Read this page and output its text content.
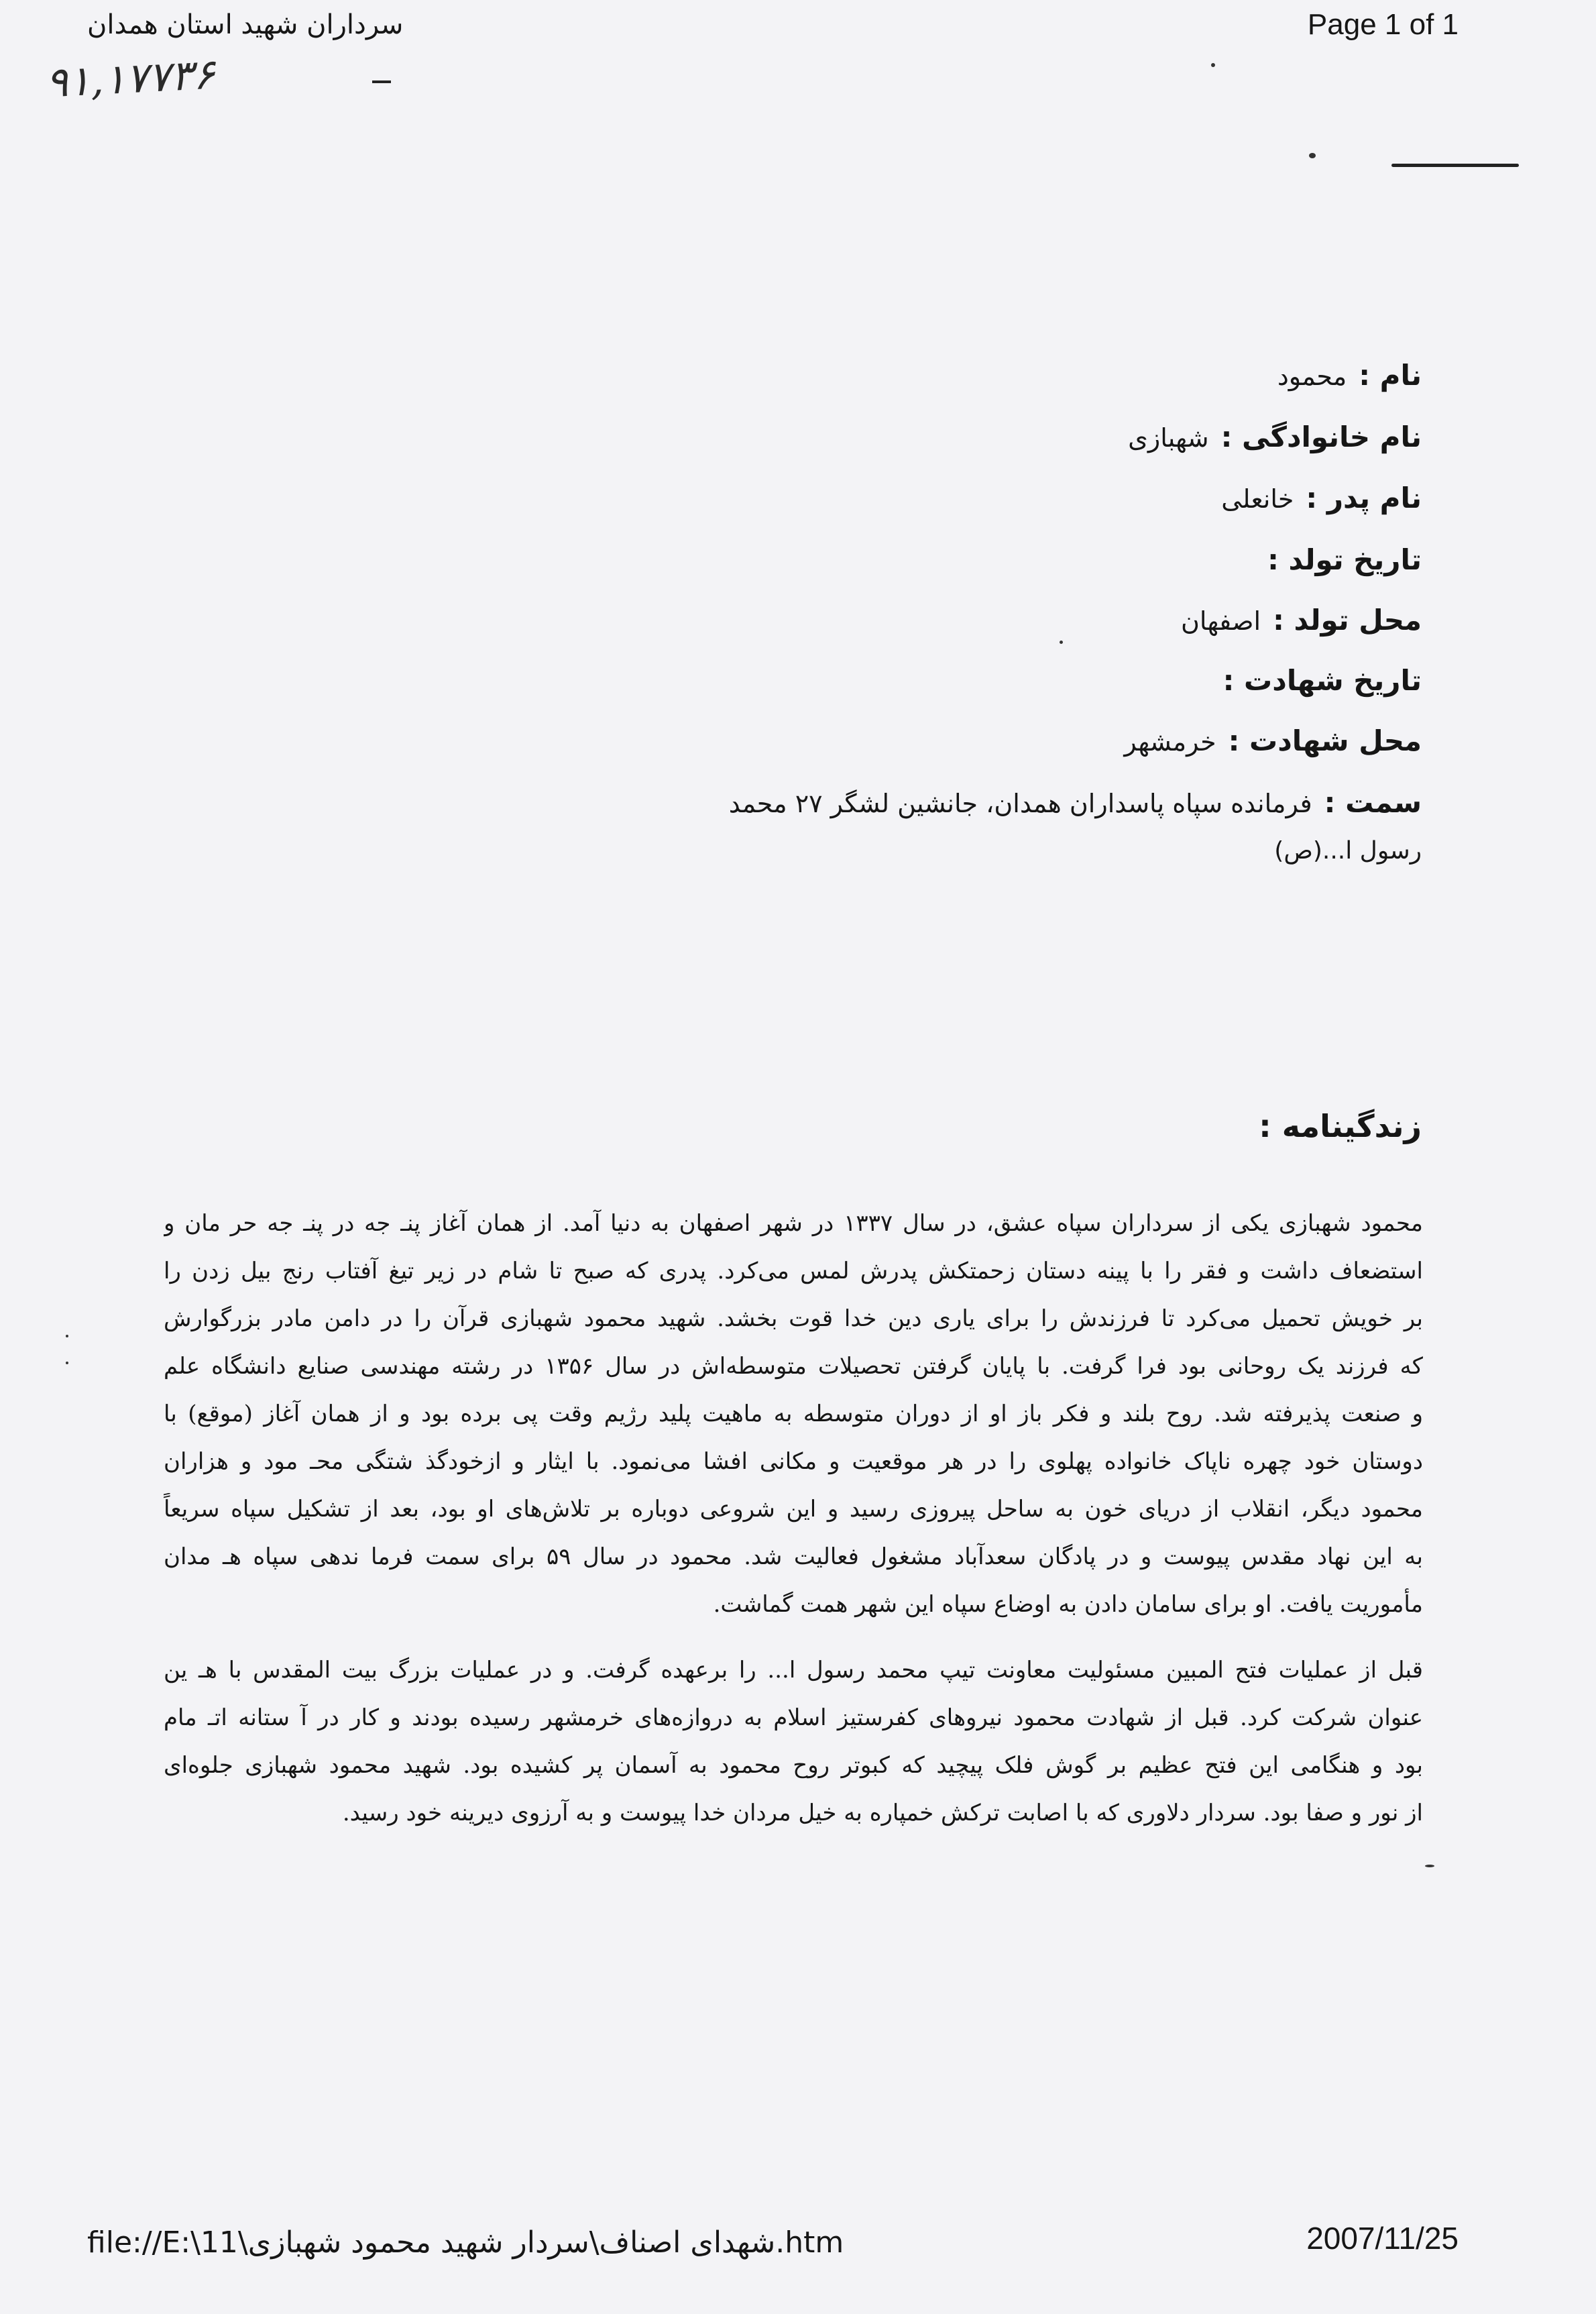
سرداران شهید استان همدان	Page 1 of 1
۹۱,۱۷۷۳۶
نام :محمود
نام خانوادگی :شهبازی
نام پدر :خانعلی
تاریخ تولد :
محل تولد :اصفهان
تاریخ شهادت :
محل شهادت :خرمشهر
سمت :فرمانده سپاه پاسداران همدان، جانشین لشگر ۲۷ محمد
رسول ا...(ص)
زندگینامه :
محمود شهبازی یکی از سرداران سپاه عشق، در سال ۱۳۳۷ در شهر اصفهان به دنیا آمد. از همان آغاز پنـ جه در پنـ جه حر مان و
استضعاف داشت و فقر را با پینه دستان زحمتکش پدرش لمس می‌کرد. پدری که صبح تا شام در زیر تیغ آفتاب رنج بیل زدن را
بر خویش تحمیل می‌کرد تا فرزندش را برای یاری دین خدا قوت بخشد. شهید محمود شهبازی قرآن را در دامن مادر بزرگوارش
که فرزند یک روحانی بود فرا گرفت. با پایان گرفتن تحصیلات متوسطه‌اش در سال ۱۳۵۶ در رشته مهندسی صنایع دانشگاه علم
و صنعت پذیرفته شد. روح بلند و فکر باز او از دوران متوسطه به ماهیت پلید رژیم وقت پی برده بود و از همان آغاز (موقع) با
دوستان خود چهره ناپاک خانواده پهلوی را در هر موقعیت و مکانی افشا می‌نمود. با ایثار و ازخودگذ شتگی محـ مود و هزاران
محمود دیگر، انقلاب از دریای خون به ساحل پیروزی رسید و این شروعی دوباره بر تلاش‌های او بود، بعد از تشکیل سپاه سریعاً
به این نهاد مقدس پیوست و در پادگان سعدآباد مشغول فعالیت شد. محمود در سال ۵۹ برای سمت فرما ندهی سپاه هـ مدان
مأموریت یافت. او برای سامان دادن به اوضاع سپاه این شهر همت گماشت.
قبل از عملیات فتح المبین مسئولیت معاونت تیپ محمد رسول ا... را برعهده گرفت. و در عملیات بزرگ بیت المقدس با هـ ین
عنوان شرکت کرد. قبل از شهادت محمود نیروهای کفرستیز اسلام به دروازه‌های خرمشهر رسیده بودند و کار در آ ستانه اتـ مام
بود و هنگامی این فتح عظیم بر گوش فلک پیچید که کبوتر روح محمود به آسمان پر کشیده بود. شهید محمود شهبازی جلوه‌ای
از نور و صفا بود. سردار دلاوری که با اصابت ترکش خمپاره به خیل مردان خدا پیوست و به آرزوی دیرینه خود رسید.
file://E:\11\شهدای اصناف\سردار شهید محمود شهبازی.htm	2007/11/25
